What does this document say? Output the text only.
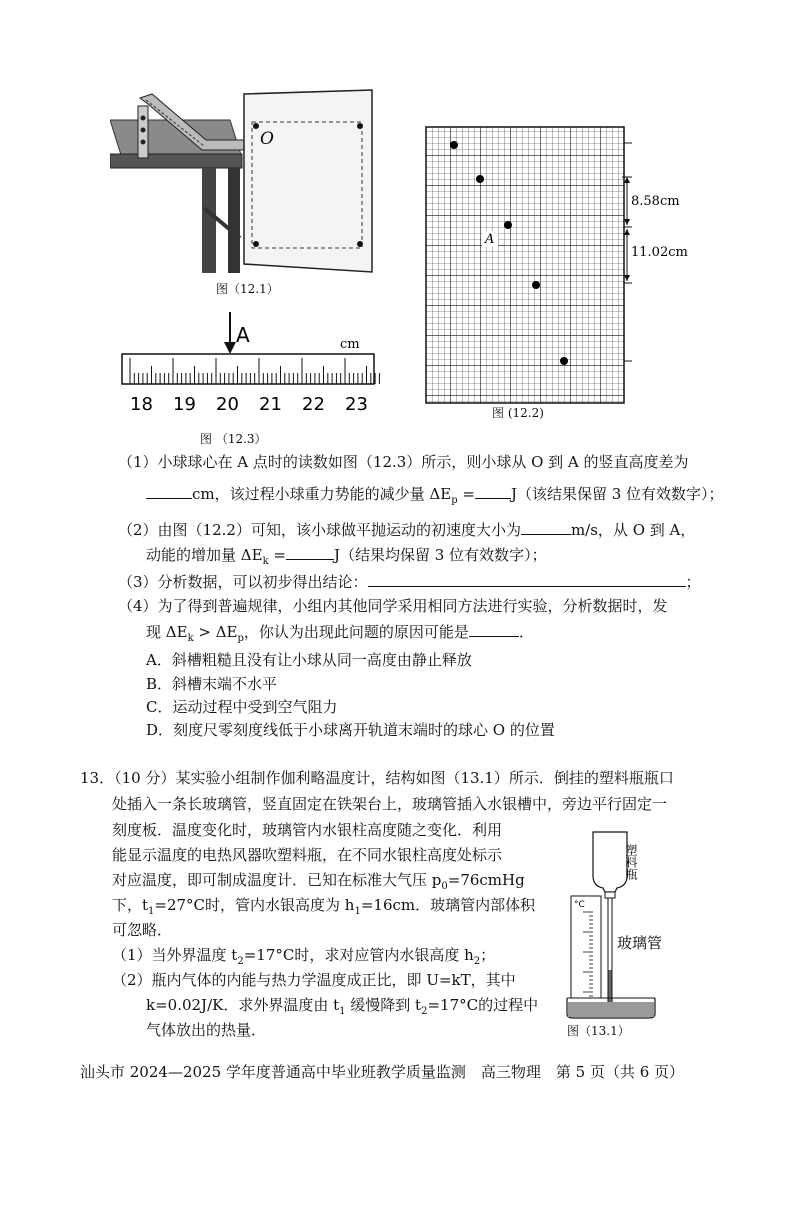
O
图（12.1）
A
8.58cm
11.02cm
图 (12.2)
A	cm
18 19 20 21 22 23
图 （12.3）
（1）小球球心在 A 点时的读数如图（12.3）所示，则小球从 O 到 A 的竖直高度差为
cm，该过程小球重力势能的减少量 $\Delta E_p = J$（该结果保留 3 位有效数字）；
（2）由图（12.2）可知，该小球做平抛运动的初速度大小为	m/s，从 O 到 A，
动能的增加量 $\Delta E_k$ =	J（结果均保留 3 位有效数字）；
（3）分析数据，可以初步得出结论：	；
（4）为了得到普遍规律，小组内其他同学采用相同方法进行实验，分析数据时，发
现 $\Delta E_k > \Delta E_p$，你认为出现此问题的原因可能是	．
A．斜槽粗糙且没有让小球从同一高度由静止释放
B．斜槽末端不水平
C．运动过程中受到空气阻力
D．刻度尺零刻度线低于小球离开轨道末端时的球心 O 的位置
13．（10 分）某实验小组制作伽利略温度计，结构如图（13.1）所示．倒挂的塑料瓶瓶口
处插入一条长玻璃管，竖直固定在铁架台上，玻璃管插入水银槽中，旁边平行固定一
刻度板．温度变化时，玻璃管内水银柱高度随之变化．利用
能显示温度的电热风器吹塑料瓶，在不同水银柱高度处标示
对应温度，即可制成温度计．已知在标准大气压 $p_0=76cmHg$
下，$t_1=27^\circ C$时，管内水银高度为 $h_1=16cm$．玻璃管内部体积
可忽略．
（1）当外界温度 $t_2=17^\circ C$时，求对应管内水银高度 $h_2$；
（2）瓶内气体的内能与热力学温度成正比，即 U=kT，其中
k=0.02J/K．求外界温度由 $t_1$ 缓慢降到 $t_2=17^\circ C$的过程中
气体放出的热量．
塑料瓶
°C
玻璃管
图（13.1）
汕头市 2024—2025 学年度普通高中毕业班教学质量监测　高三物理　第 5 页（共 6 页）
